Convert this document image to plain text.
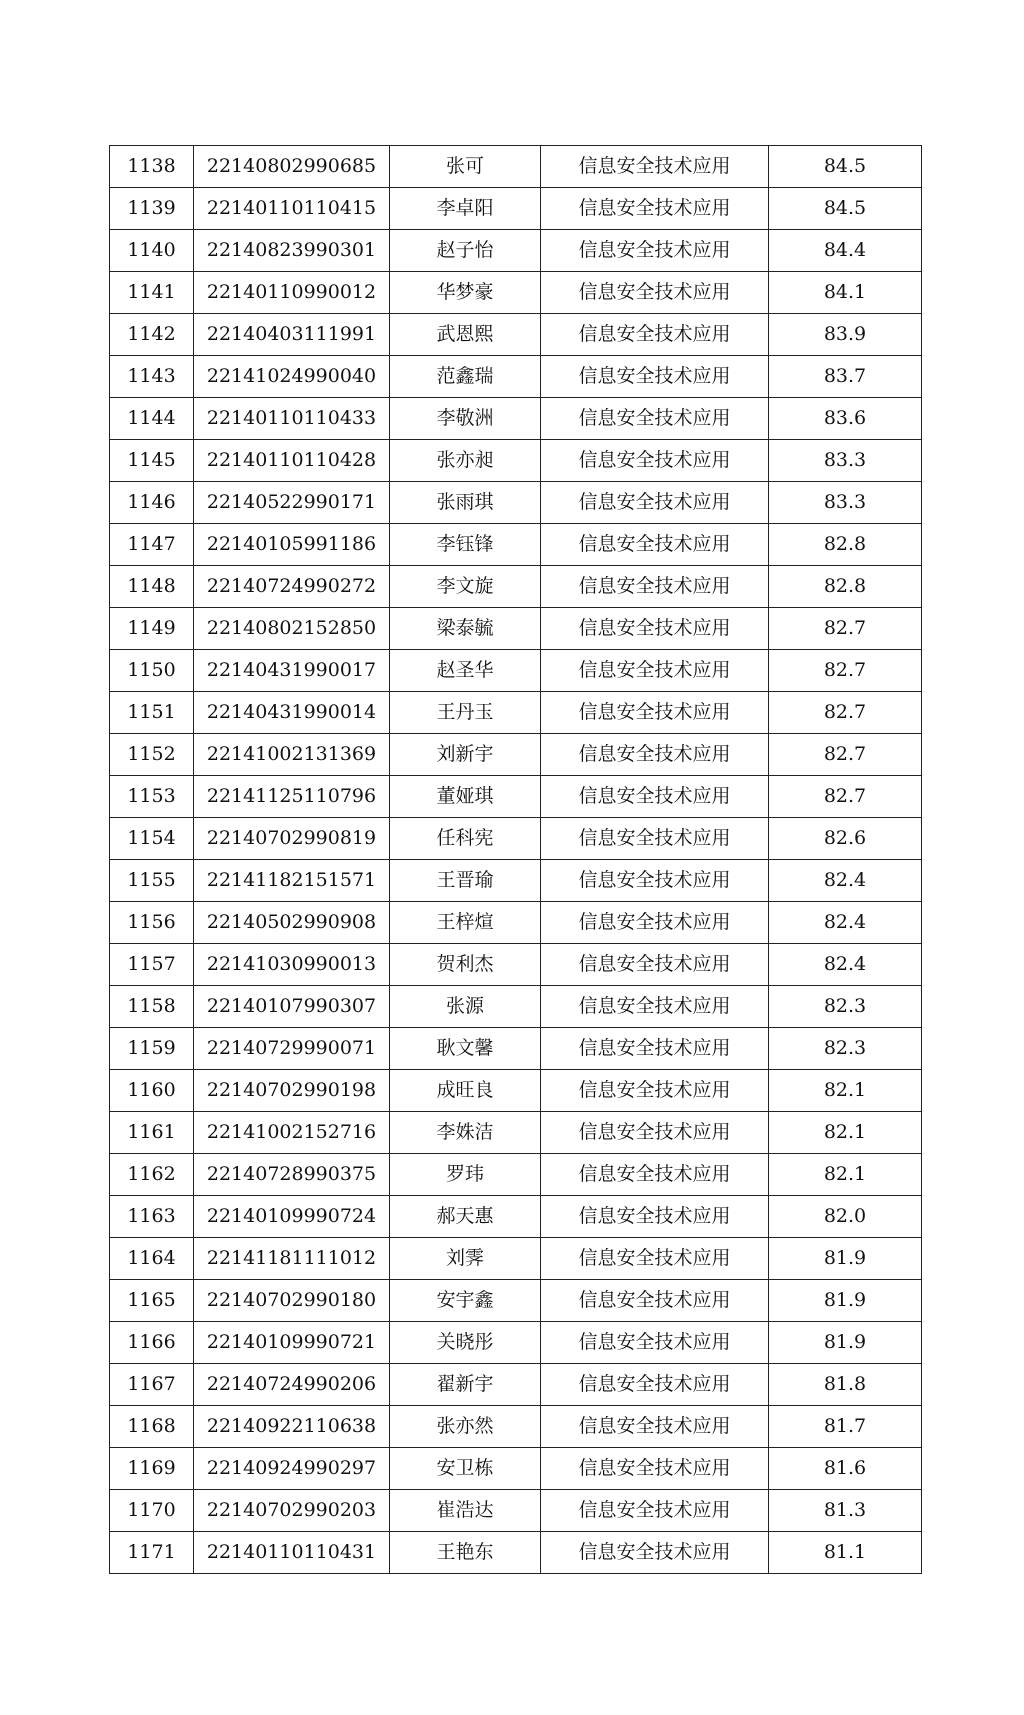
1138	22140802990685	张可	信息安全技术应用	84.5
1139	22140110110415	李卓阳	信息安全技术应用	84.5
1140	22140823990301	赵子怡	信息安全技术应用	84.4
1141	22140110990012	华梦豪	信息安全技术应用	84.1
1142	22140403111991	武恩熙	信息安全技术应用	83.9
1143	22141024990040	范鑫瑞	信息安全技术应用	83.7
1144	22140110110433	李敬洲	信息安全技术应用	83.6
1145	22140110110428	张亦昶	信息安全技术应用	83.3
1146	22140522990171	张雨琪	信息安全技术应用	83.3
1147	22140105991186	李钰锋	信息安全技术应用	82.8
1148	22140724990272	李文旋	信息安全技术应用	82.8
1149	22140802152850	梁泰毓	信息安全技术应用	82.7
1150	22140431990017	赵圣华	信息安全技术应用	82.7
1151	22140431990014	王丹玉	信息安全技术应用	82.7
1152	22141002131369	刘新宇	信息安全技术应用	82.7
1153	22141125110796	董娅琪	信息安全技术应用	82.7
1154	22140702990819	任科宪	信息安全技术应用	82.6
1155	22141182151571	王晋瑜	信息安全技术应用	82.4
1156	22140502990908	王梓煊	信息安全技术应用	82.4
1157	22141030990013	贺利杰	信息安全技术应用	82.4
1158	22140107990307	张源	信息安全技术应用	82.3
1159	22140729990071	耿文馨	信息安全技术应用	82.3
1160	22140702990198	成旺良	信息安全技术应用	82.1
1161	22141002152716	李姝洁	信息安全技术应用	82.1
1162	22140728990375	罗玮	信息安全技术应用	82.1
1163	22140109990724	郝天惠	信息安全技术应用	82.0
1164	22141181111012	刘霁	信息安全技术应用	81.9
1165	22140702990180	安宇鑫	信息安全技术应用	81.9
1166	22140109990721	关晓彤	信息安全技术应用	81.9
1167	22140724990206	翟新宇	信息安全技术应用	81.8
1168	22140922110638	张亦然	信息安全技术应用	81.7
1169	22140924990297	安卫栋	信息安全技术应用	81.6
1170	22140702990203	崔浩达	信息安全技术应用	81.3
1171	22140110110431	王艳东	信息安全技术应用	81.1
